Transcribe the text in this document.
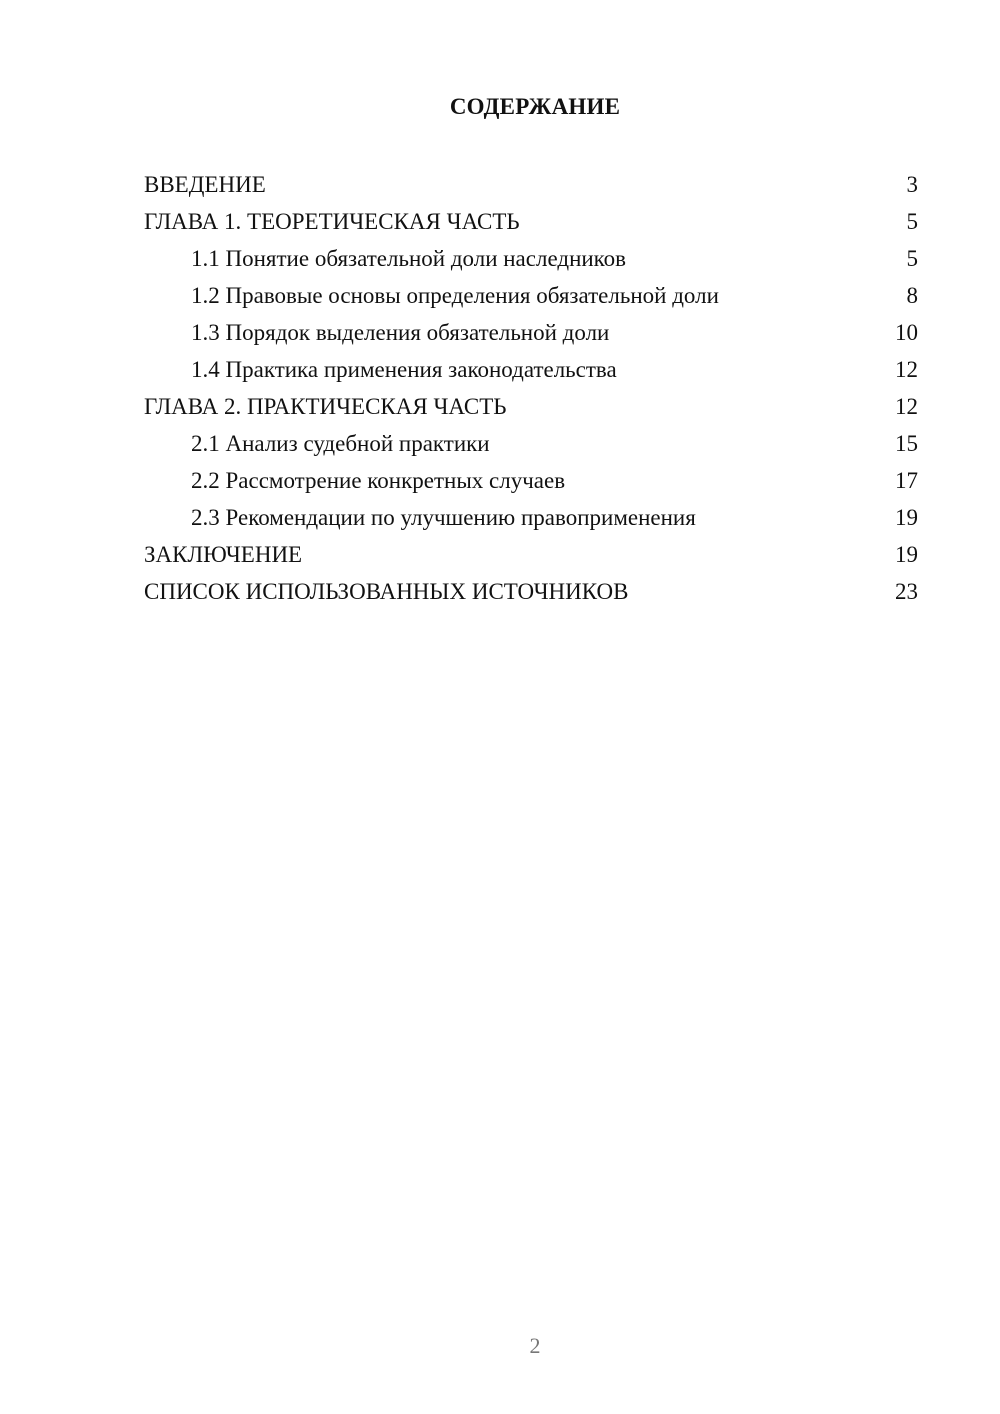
СОДЕРЖАНИЕ
ВВЕДЕНИЕ	3
ГЛАВА 1. ТЕОРЕТИЧЕСКАЯ ЧАСТЬ	5
1.1 Понятие обязательной доли наследников	5
1.2 Правовые основы определения обязательной доли	8
1.3 Порядок выделения обязательной доли	10
1.4 Практика применения законодательства	12
ГЛАВА 2. ПРАКТИЧЕСКАЯ ЧАСТЬ	12
2.1 Анализ судебной практики	15
2.2 Рассмотрение конкретных случаев	17
2.3 Рекомендации по улучшению правоприменения	19
ЗАКЛЮЧЕНИЕ	19
СПИСОК ИСПОЛЬЗОВАННЫХ ИСТОЧНИКОВ	23
2
